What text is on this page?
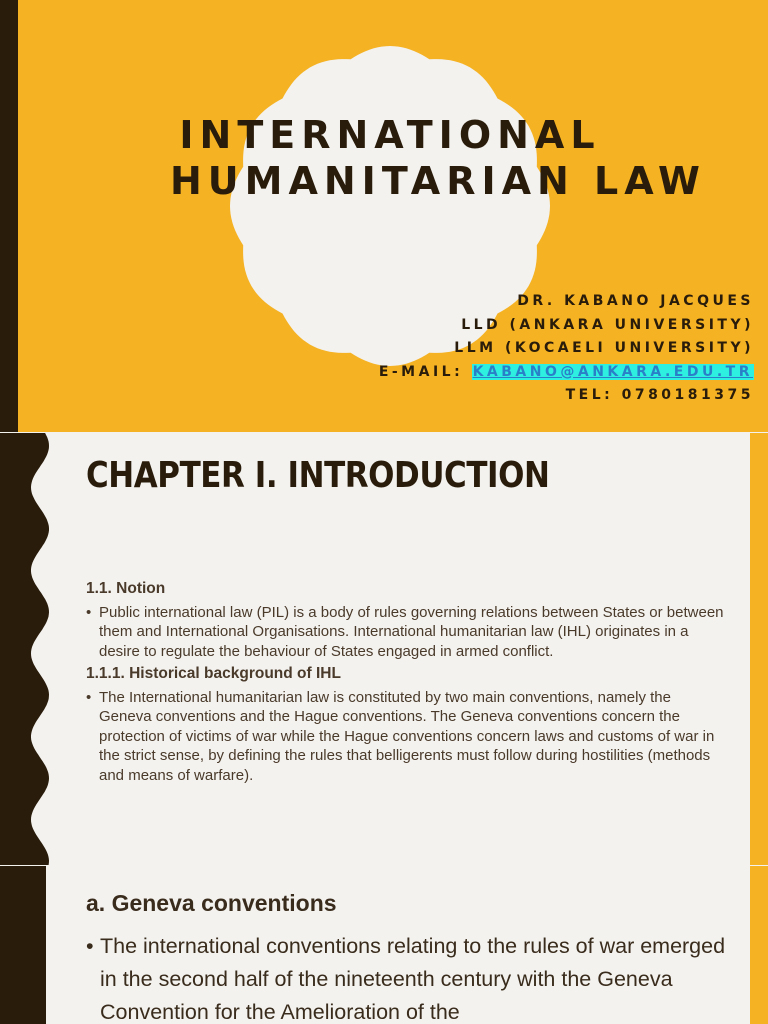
INTERNATIONAL
HUMANITARIAN LAW
DR. KABANO JACQUES
LLD (ANKARA UNIVERSITY)
LLM (KOCAELI UNIVERSITY)
E-MAIL: KABANO@ANKARA.EDU.TR
TEL: 0780181375
CHAPTER I. INTRODUCTION
1.1. Notion
• Public international law (PIL) is a body of rules governing relations between States or between them and International Organisations. International humanitarian law (IHL) originates in a desire to regulate the behaviour of States engaged in armed conflict.
1.1.1. Historical background of IHL
• The International humanitarian law is constituted by two main conventions, namely the Geneva conventions and the Hague conventions. The Geneva conventions concern the protection of victims of war while the Hague conventions concern laws and customs of war in the strict sense, by defining the rules that belligerents must follow during hostilities (methods and means of warfare).
a. Geneva conventions
• The international conventions relating to the rules of war emerged in the second half of the nineteenth century with the Geneva Convention for the Amelioration of the
